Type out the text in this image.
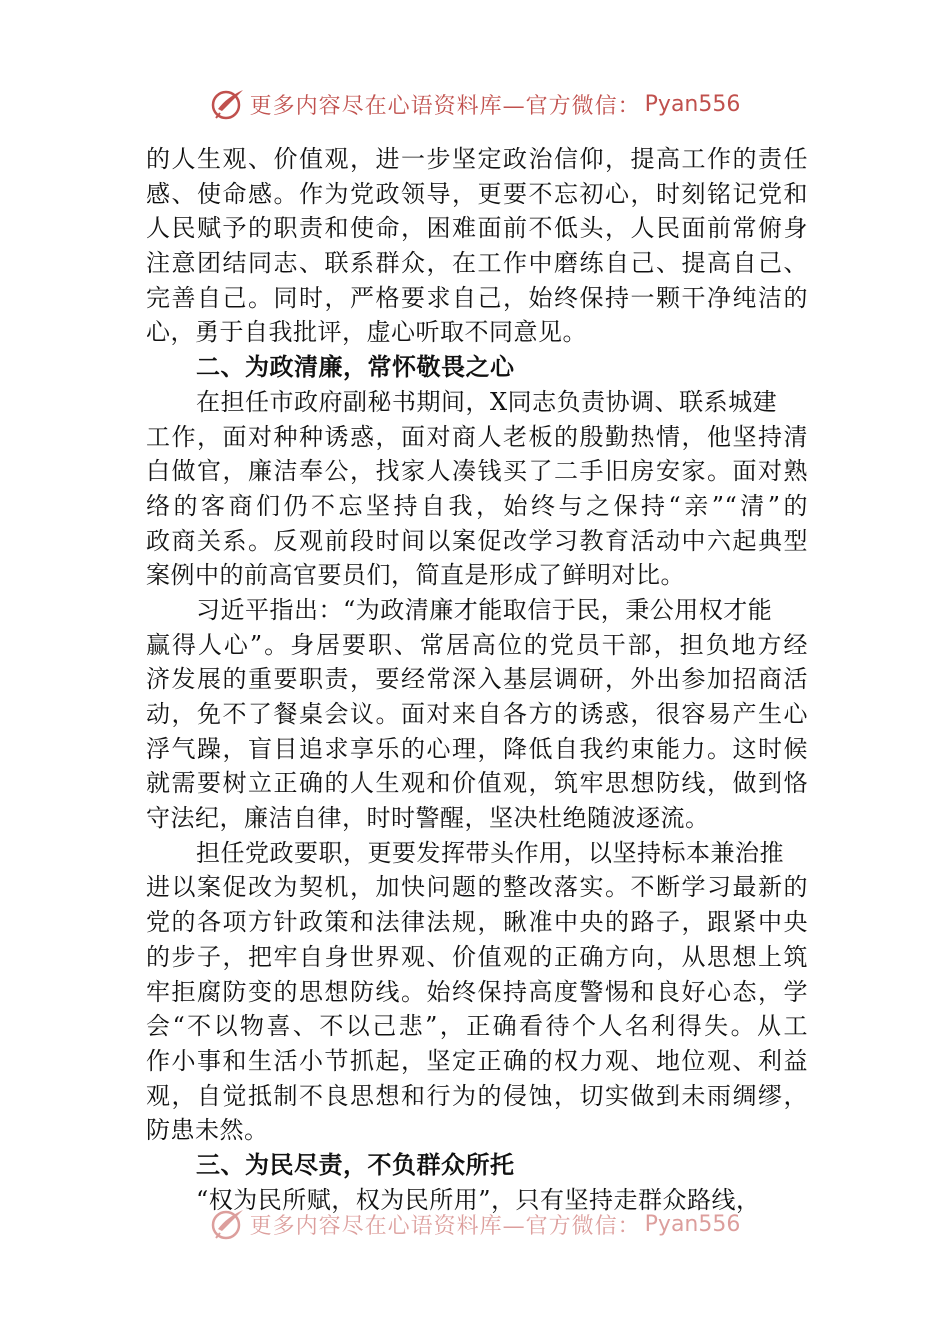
更多内容尽在心语资料库—官方微信： Pyan556
的人生观、价值观，进一步坚定政治信仰，提高工作的责任
感、使命感。作为党政领导，更要不忘初心，时刻铭记党和
人民赋予的职责和使命，困难面前不低头，人民面前常俯身
注意团结同志、联系群众，在工作中磨练自己、提高自己、
完善自己。同时，严格要求自己，始终保持一颗干净纯洁的
心，勇于自我批评，虚心听取不同意见。
二、为政清廉，常怀敬畏之心
在担任市政府副秘书期间，X同志负责协调、联系城建
工作，面对种种诱惑，面对商人老板的殷勤热情，他坚持清
白做官，廉洁奉公，找家人凑钱买了二手旧房安家。面对熟
络的客商们仍不忘坚持自我，始终与之保持“亲”“清”的
政商关系。反观前段时间以案促改学习教育活动中六起典型
案例中的前高官要员们，简直是形成了鲜明对比。
习近平指出：“为政清廉才能取信于民，秉公用权才能
赢得人心”。身居要职、常居高位的党员干部，担负地方经
济发展的重要职责，要经常深入基层调研，外出参加招商活
动，免不了餐桌会议。面对来自各方的诱惑，很容易产生心
浮气躁，盲目追求享乐的心理，降低自我约束能力。这时候
就需要树立正确的人生观和价值观，筑牢思想防线，做到恪
守法纪，廉洁自律，时时警醒，坚决杜绝随波逐流。
担任党政要职，更要发挥带头作用，以坚持标本兼治推
进以案促改为契机，加快问题的整改落实。不断学习最新的
党的各项方针政策和法律法规，瞅准中央的路子，跟紧中央
的步子，把牢自身世界观、价值观的正确方向，从思想上筑
牢拒腐防变的思想防线。始终保持高度警惕和良好心态，学
会“不以物喜、不以己悲”，正确看待个人名利得失。从工
作小事和生活小节抓起，坚定正确的权力观、地位观、利益
观，自觉抵制不良思想和行为的侵蚀，切实做到未雨绸缪，
防患未然。
三、为民尽责，不负群众所托
“权为民所赋，权为民所用”，只有坚持走群众路线，
更多内容尽在心语资料库—官方微信： Pyan556
